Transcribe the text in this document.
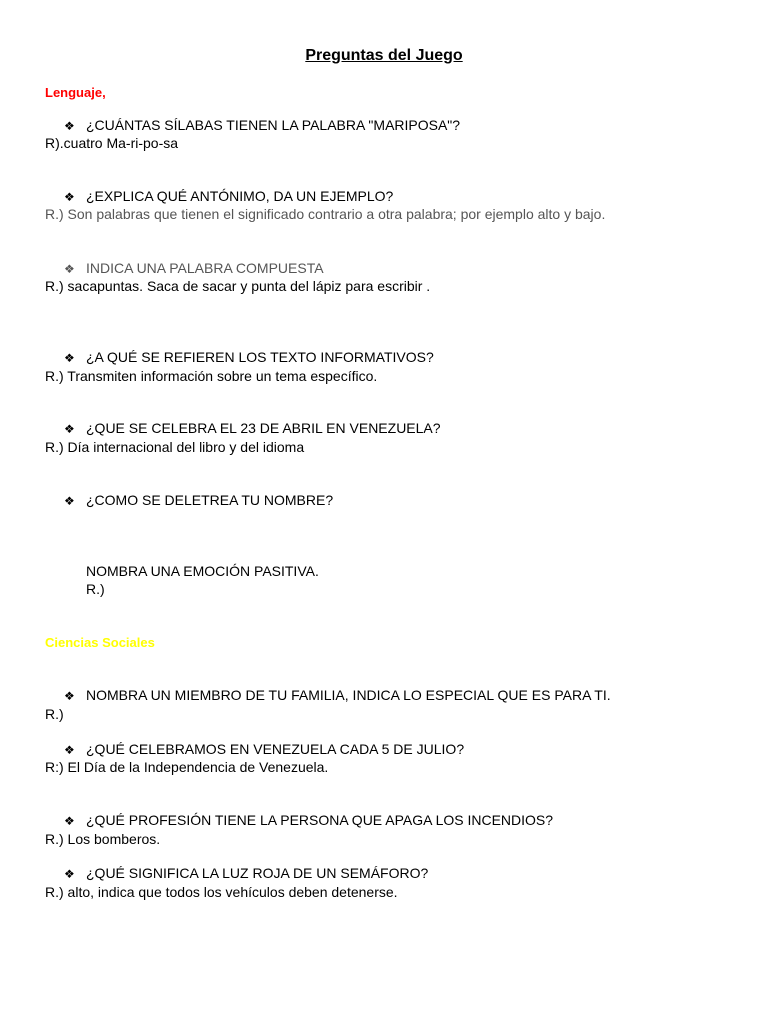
Preguntas del Juego
Lenguaje,
❖ ¿CUÁNTAS SÍLABAS TIENEN LA PALABRA "MARIPOSA"?
R).cuatro Ma-ri-po-sa
❖ ¿EXPLICA QUÉ ANTÓNIMO, DA UN EJEMPLO?
R.) Son palabras que tienen el significado contrario a otra palabra; por ejemplo alto y bajo.
❖ INDICA UNA PALABRA COMPUESTA
R.) sacapuntas. Saca de sacar y punta del lápiz para escribir .
❖ ¿A QUÉ SE REFIEREN LOS TEXTO INFORMATIVOS?
R.) Transmiten información sobre un tema específico.
❖ ¿QUE SE CELEBRA EL 23 DE ABRIL EN VENEZUELA?
R.) Día internacional del libro y del idioma
❖ ¿COMO SE DELETREA TU NOMBRE?
NOMBRA UNA EMOCIÓN PASITIVA.
R.)
Ciencias Sociales
❖ NOMBRA UN MIEMBRO DE TU FAMILIA, INDICA LO ESPECIAL QUE ES PARA TI.
R.)
❖ ¿QUÉ CELEBRAMOS EN VENEZUELA CADA 5 DE JULIO?
R:) El Día de la Independencia de Venezuela.
❖ ¿QUÉ PROFESIÓN TIENE LA PERSONA QUE APAGA LOS INCENDIOS?
R.) Los bomberos.
❖ ¿QUÉ SIGNIFICA LA LUZ ROJA DE UN SEMÁFORO?
R.) alto, indica que todos los vehículos deben detenerse.
